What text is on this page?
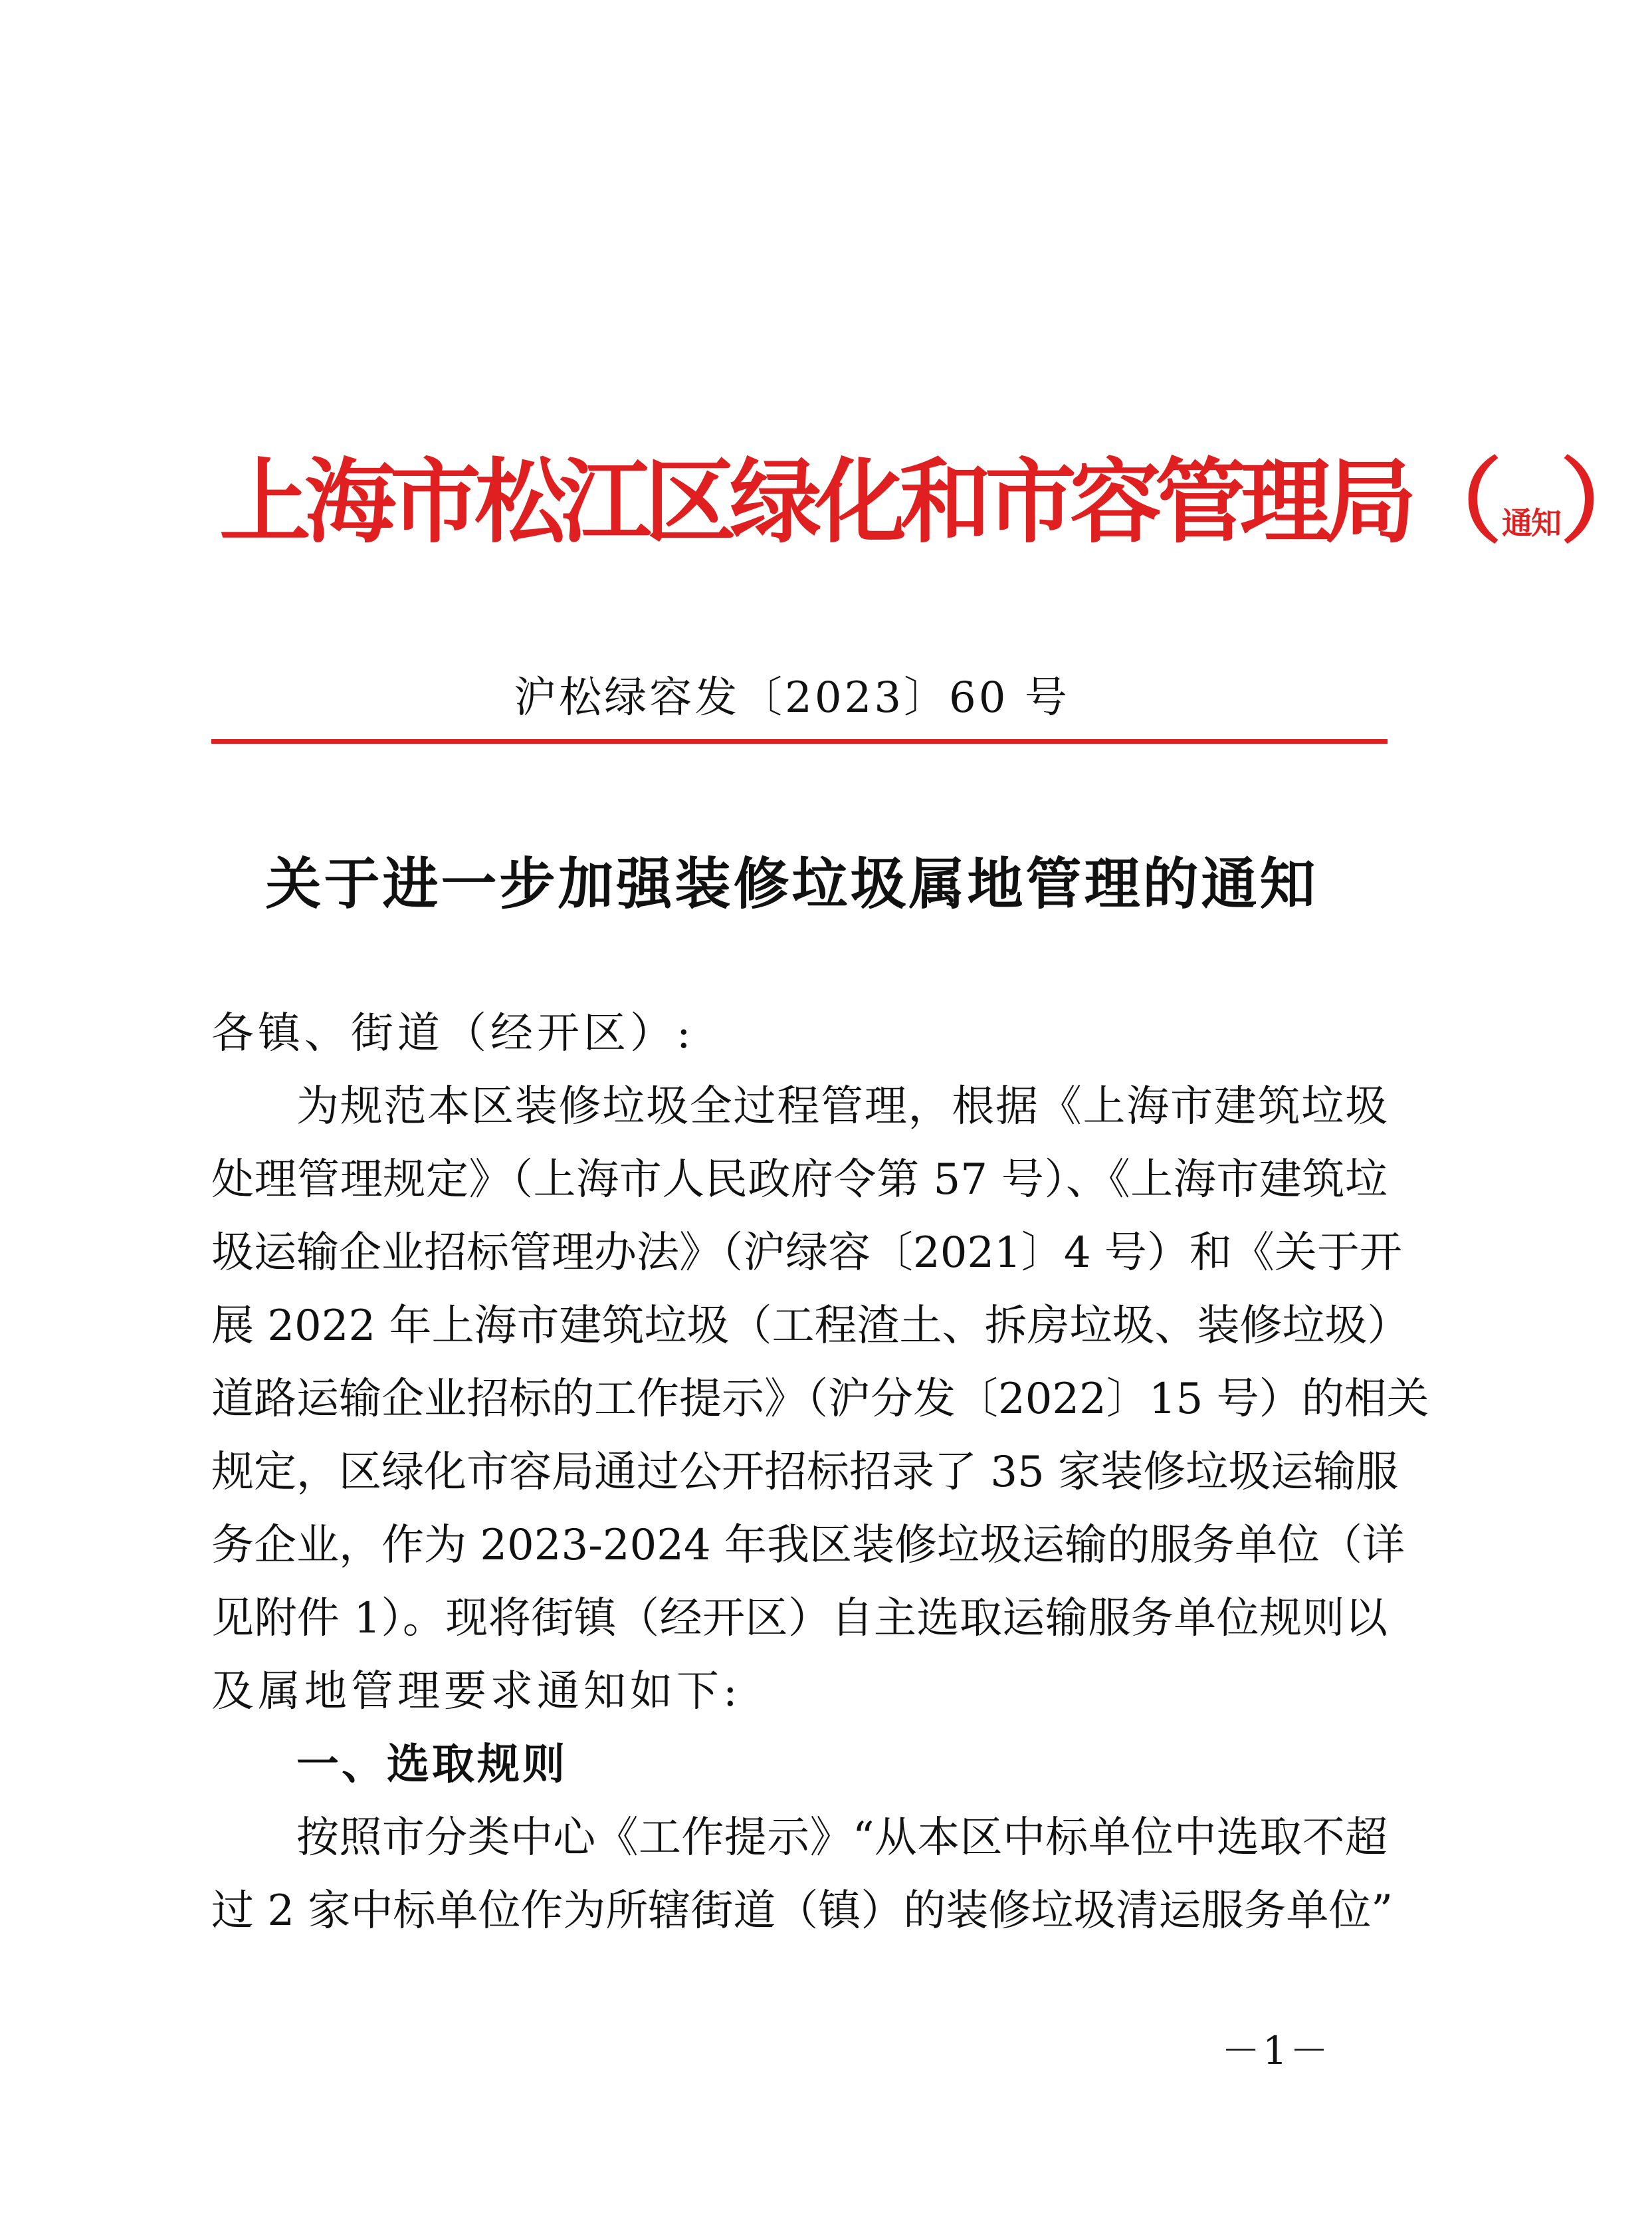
上海市松江区绿化和市容管理局（通知）
沪松绿容发〔2023〕60 号
关于进一步加强装修垃圾属地管理的通知
各镇、街道（经开区）:
为规范本区装修垃圾全过程管理，根据《上海市建筑垃圾
处理管理规定》（上海市人民政府令第 57 号）、《上海市建筑垃
圾运输企业招标管理办法》（沪绿容〔2021〕4 号）和《关于开
展 2022 年上海市建筑垃圾（工程渣土、拆房垃圾、装修垃圾）
道路运输企业招标的工作提示》（沪分发〔2022〕15 号）的相关
规定，区绿化市容局通过公开招标招录了 35 家装修垃圾运输服
务企业，作为 2023-2024 年我区装修垃圾运输的服务单位（详
见附件 1）。现将街镇（经开区）自主选取运输服务单位规则以
及属地管理要求通知如下:
一、选取规则
按照市分类中心《工作提示》“从本区中标单位中选取不超
过 2 家中标单位作为所辖街道（镇）的装修垃圾清运服务单位”
－1－
